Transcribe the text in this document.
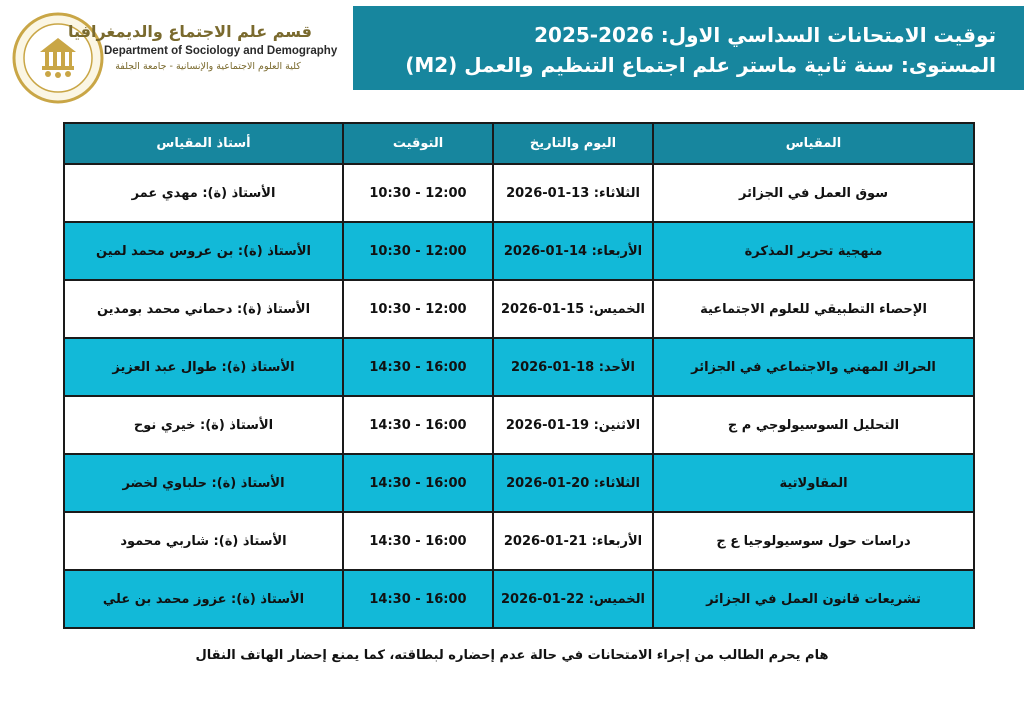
قسم علم الاجتماع والديمغرافيا
Department of Sociology and Demography
كلية العلوم الاجتماعية والإنسانية - جامعة الجلفة
توقيت الامتحانات السداسي الاول: 2026-2025
المستوى: سنة ثانية ماستر علم اجتماع التنظيم والعمل (M2)
المقياس	اليوم والتاريخ	التوقيت	أستاذ المقياس
سوق العمل في الجزائر	الثلاثاء: 13-01-2026	10:30 - 12:00	الأستاذ (ة): مهدي عمر
منهجية تحرير المذكرة	الأربعاء: 14-01-2026	10:30 - 12:00	الأستاذ (ة): بن عروس محمد لمين
الإحصاء التطبيقي للعلوم الاجتماعية	الخميس: 15-01-2026	10:30 - 12:00	الأستاذ (ة): دحماني محمد بومدين
الحراك المهني والاجتماعي في الجزائر	الأحد: 18-01-2026	14:30 - 16:00	الأستاذ (ة): طوال عبد العزيز
التحليل السوسيولوجي م ج	الاثنين: 19-01-2026	14:30 - 16:00	الأستاذ (ة): خيري نوح
المقاولاتية	الثلاثاء: 20-01-2026	14:30 - 16:00	الأستاذ (ة): حلباوي لخضر
دراسات حول سوسيولوجيا ع ج	الأربعاء: 21-01-2026	14:30 - 16:00	الأستاذ (ة): شاربي محمود
تشريعات قانون العمل في الجزائر	الخميس: 22-01-2026	14:30 - 16:00	الأستاذ (ة): عزوز محمد بن علي
هام يحرم الطالب من إجراء الامتحانات في حالة عدم إحضاره لبطاقته، كما يمنع إحضار الهاتف النقال
